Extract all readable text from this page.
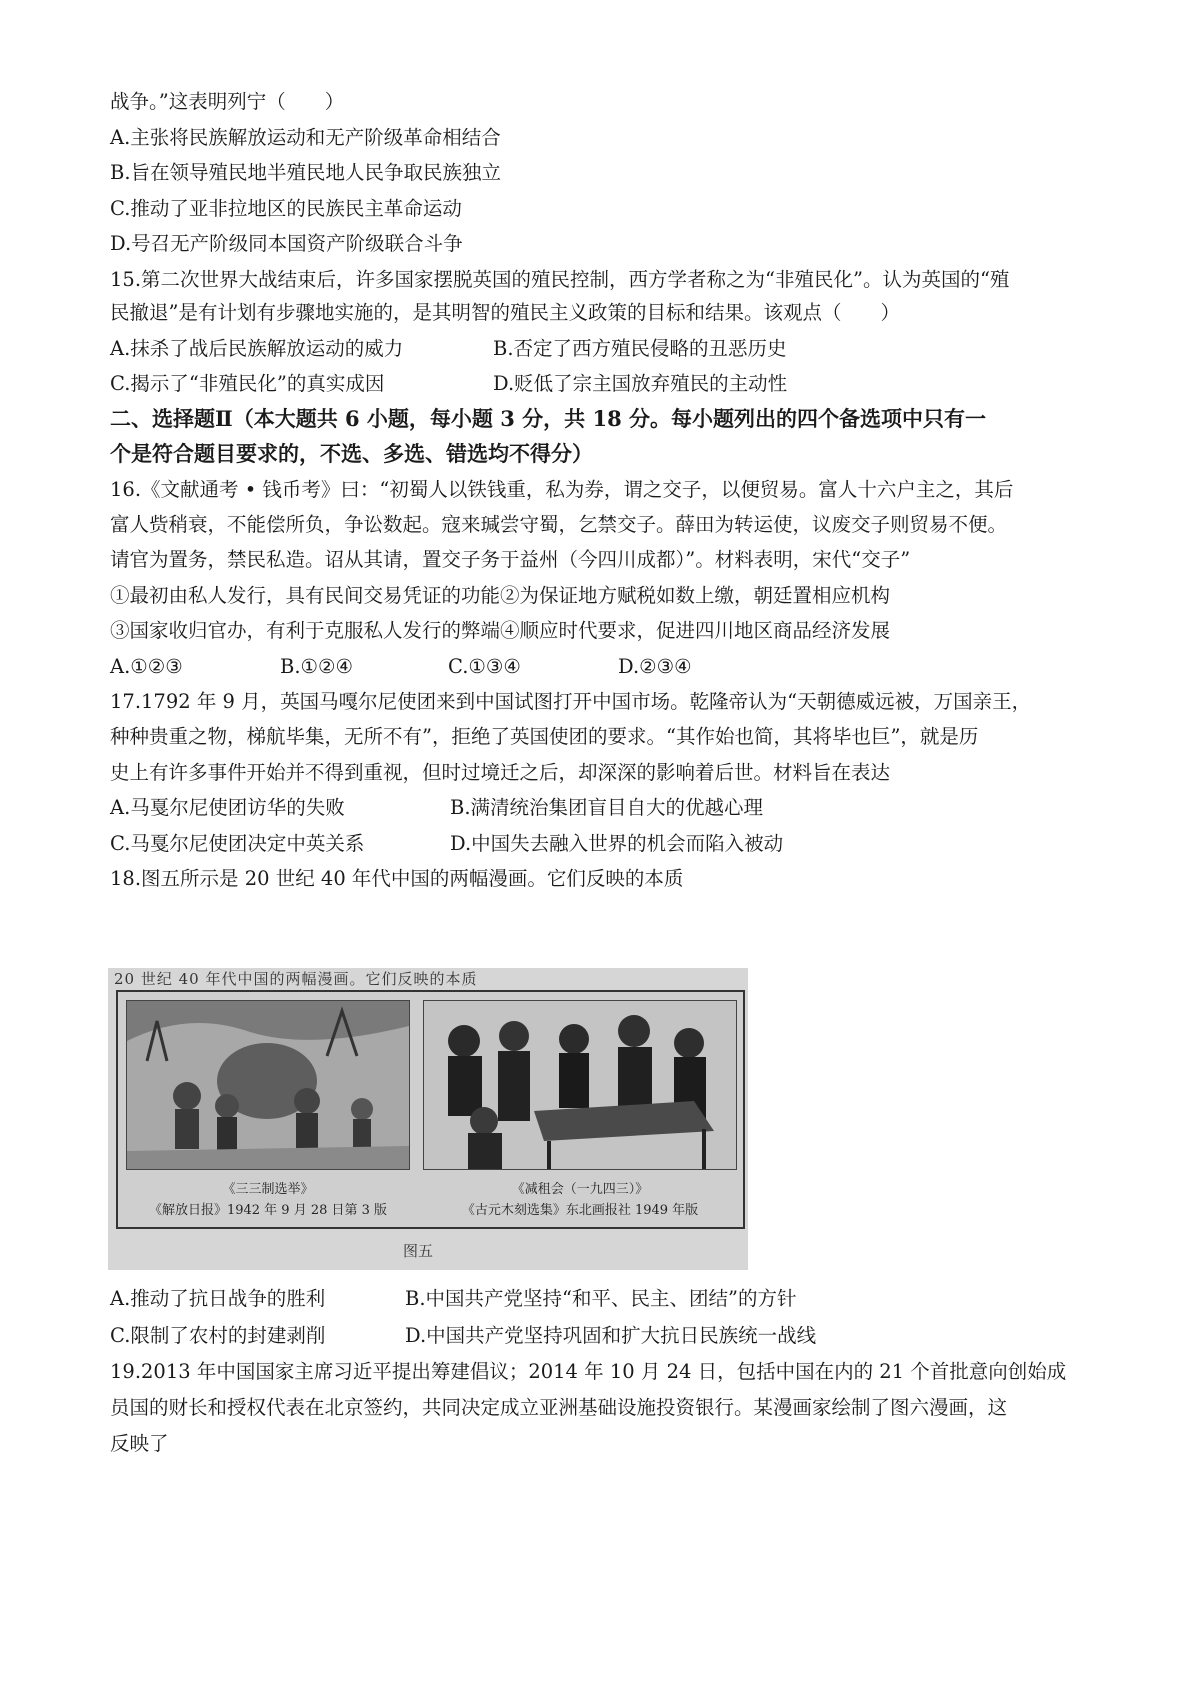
战争。”这表明列宁（　　）
A.主张将民族解放运动和无产阶级革命相结合
B.旨在领导殖民地半殖民地人民争取民族独立
C.推动了亚非拉地区的民族民主革命运动
D.号召无产阶级同本国资产阶级联合斗争
15.第二次世界大战结束后，许多国家摆脱英国的殖民控制，西方学者称之为“非殖民化”。认为英国的“殖
民撤退”是有计划有步骤地实施的，是其明智的殖民主义政策的目标和结果。该观点（　　）
A.抹杀了战后民族解放运动的威力	B.否定了西方殖民侵略的丑恶历史
C.揭示了“非殖民化”的真实成因	D.贬低了宗主国放弃殖民的主动性
二、选择题Ⅱ（本大题共 6 小题，每小题 3 分，共 18 分。每小题列出的四个备选项中只有一
个是符合题目要求的，不选、多选、错选均不得分）
16.《文献通考 • 钱币考》曰：“初蜀人以铁钱重，私为券，谓之交子，以便贸易。富人十六户主之，其后
富人赀稍衰，不能偿所负，争讼数起。寇来瑊尝守蜀，乞禁交子。薛田为转运使，议废交子则贸易不便。
请官为置务，禁民私造。诏从其请，置交子务于益州（今四川成都）”。材料表明，宋代“交子”
①最初由私人发行，具有民间交易凭证的功能②为保证地方赋税如数上缴，朝廷置相应机构
③国家收归官办，有利于克服私人发行的弊端④顺应时代要求，促进四川地区商品经济发展
A.①②③	B.①②④	C.①③④	D.②③④
17.1792 年 9 月，英国马嘎尔尼使团来到中国试图打开中国市场。乾隆帝认为“天朝德威远被，万国亲王，
种种贵重之物，梯航毕集，无所不有”，拒绝了英国使团的要求。“其作始也简，其将毕也巨”，就是历
史上有许多事件开始并不得到重视，但时过境迁之后，却深深的影响着后世。材料旨在表达
A.马戛尔尼使团访华的失败	B.满清统治集团盲目自大的优越心理
C.马戛尔尼使团决定中英关系	D.中国失去融入世界的机会而陷入被动
18.图五所示是 20 世纪 40 年代中国的两幅漫画。它们反映的本质
20 世纪 40 年代中国的两幅漫画。它们反映的本质
《三三制选举》
《解放日报》1942 年 9 月 28 日第 3 版
《减租会（一九四三）》
《古元木刻选集》东北画报社 1949 年版
图五
A.推动了抗日战争的胜利	B.中国共产党坚持“和平、民主、团结”的方针
C.限制了农村的封建剥削	D.中国共产党坚持巩固和扩大抗日民族统一战线
19.2013 年中国国家主席习近平提出筹建倡议；2014 年 10 月 24 日，包括中国在内的 21 个首批意向创始成
员国的财长和授权代表在北京签约，共同决定成立亚洲基础设施投资银行。某漫画家绘制了图六漫画，这
反映了
